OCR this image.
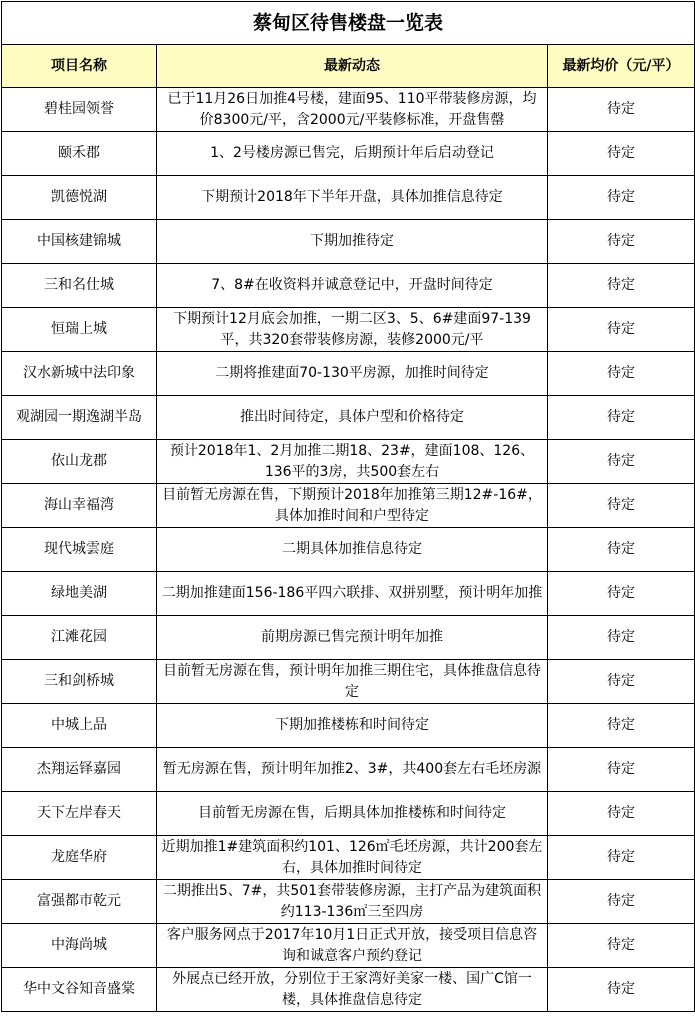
蔡甸区待售楼盘一览表		
项目名称	最新动态	最新均价（元/平）
碧桂园领誉	已于11月26日加推4号楼，建面95、110平带装修房源，均价8300元/平，含2000元/平装修标准，开盘售罄	待定
颐禾郡	1、2号楼房源已售完，后期预计年后启动登记	待定
凯德悦湖	下期预计2018年下半年开盘，具体加推信息待定	待定
中国核建锦城	下期加推待定	待定
三和名仕城	7、8#在收资料并诚意登记中，开盘时间待定	待定
恒瑞上城	下期预计12月底会加推，一期二区3、5、6#建面97-139平，共320套带装修房源，装修2000元/平	待定
汉水新城中法印象	二期将推建面70-130平房源，加推时间待定	待定
观湖园一期逸湖半岛	推出时间待定，具体户型和价格待定	待定
依山龙郡	预计2018年1、2月加推二期18、23#，建面108、126、136平的3房，共500套左右	待定
海山幸福湾	目前暂无房源在售，下期预计2018年加推第三期12#-16#，具体加推时间和户型待定	待定
现代城雲庭	二期具体加推信息待定	待定
绿地美湖	二期加推建面156-186平四六联排、双拼别墅，预计明年加推	待定
江滩花园	前期房源已售完预计明年加推	待定
三和剑桥城	目前暂无房源在售，预计明年加推三期住宅，具体推盘信息待定	待定
中城上品	下期加推楼栋和时间待定	待定
杰翔运铎嘉园	暂无房源在售，预计明年加推2、3#，共400套左右毛坯房源	待定
天下左岸春天	目前暂无房源在售，后期具体加推楼栋和时间待定	待定
龙庭华府	近期加推1#建筑面积约101、126㎡毛坯房源，共计200套左右，具体加推时间待定	待定
富强都市乾元	二期推出5、7#，共501套带装修房源，主打产品为建筑面积约113-136㎡三至四房	待定
中海尚城	客户服务网点于2017年10月1日正式开放，接受项目信息咨询和诚意客户预约登记	待定
华中文谷知音盛棠	外展点已经开放，分别位于王家湾好美家一楼、国广C馆一楼，具体推盘信息待定	待定
